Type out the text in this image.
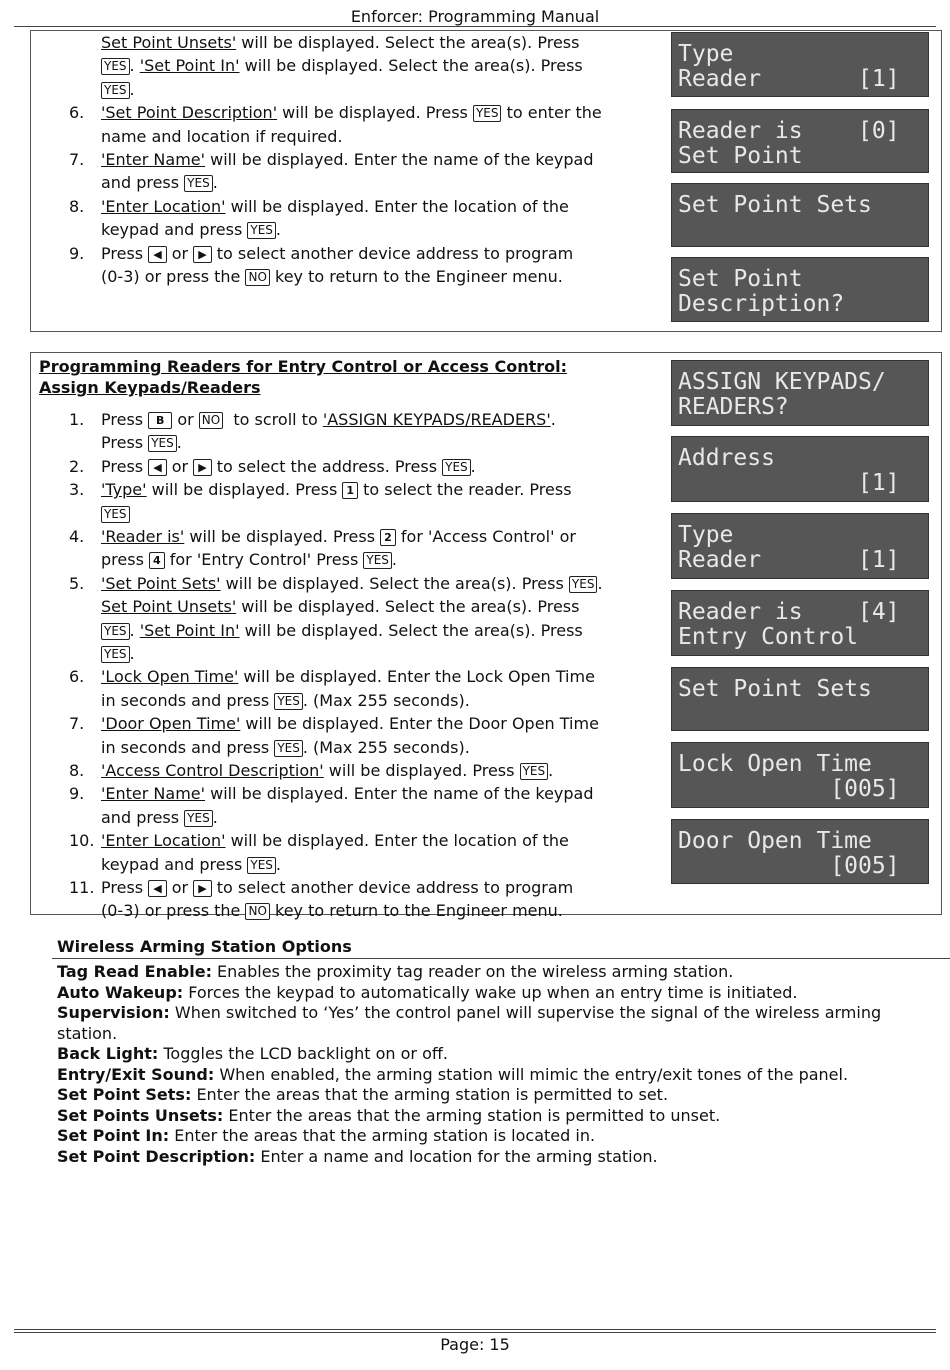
Enforcer: Programming Manual
Set Point Unsets' will be displayed. Select the area(s). Press
YES . 'Set Point In' will be displayed. Select the area(s). Press
YES .
6.	'Set Point Description' will be displayed. Press YES to enter the
name and location if required.
7.	'Enter Name' will be displayed. Enter the name of the keypad
and press YES .
8.	'Enter Location' will be displayed. Enter the location of the
keypad and press YES .
9.	Press ◀ or ▶ to select another device address to program
(0-3) or press the NO key to return to the Engineer menu.
Type
Reader       [1]
Reader is    [0]
Set Point
Set Point Sets

Set Point
Description?
Programming Readers for Entry Control or Access Control:
Assign Keypads/Readers
1.	Press  B  or NO  to scroll to 'ASSIGN KEYPADS/READERS'.
Press YES .
2.	Press ◀ or ▶ to select the address. Press YES .
3.	'Type' will be displayed. Press 1 to select the reader. Press
YES
4.	'Reader is' will be displayed. Press 2 for 'Access Control' or
press 4 for 'Entry Control' Press YES .
5.	'Set Point Sets' will be displayed. Select the area(s). Press YES .
Set Point Unsets' will be displayed. Select the area(s). Press
YES . 'Set Point In' will be displayed. Select the area(s). Press
YES .
6.	'Lock Open Time' will be displayed. Enter the Lock Open Time
in seconds and press YES . (Max 255 seconds).
7.	'Door Open Time' will be displayed. Enter the Door Open Time
in seconds and press YES . (Max 255 seconds).
8.	'Access Control Description' will be displayed. Press YES .
9.	'Enter Name' will be displayed. Enter the name of the keypad
and press YES .
10. 'Enter Location' will be displayed. Enter the location of the
keypad and press YES .
11. Press ◀ or ▶ to select another device address to program
(0-3) or press the NO key to return to the Engineer menu.
ASSIGN KEYPADS/
READERS?
Address
[1]
Type
Reader       [1]
Reader is    [4]
Entry Control
Set Point Sets

Lock Open Time
[005]
Door Open Time
[005]
Wireless Arming Station Options
Tag Read Enable: Enables the proximity tag reader on the wireless arming station.
Auto Wakeup: Forces the keypad to automatically wake up when an entry time is initiated.
Supervision: When switched to ‘Yes’ the control panel will supervise the signal of the wireless arming station.
Back Light: Toggles the LCD backlight on or off.
Entry/Exit Sound: When enabled, the arming station will mimic the entry/exit tones of the panel.
Set Point Sets: Enter the areas that the arming station is permitted to set.
Set Points Unsets: Enter the areas that the arming station is permitted to unset.
Set Point In: Enter the areas that the arming station is located in.
Set Point Description: Enter a name and location for the arming station.
Page: 15
